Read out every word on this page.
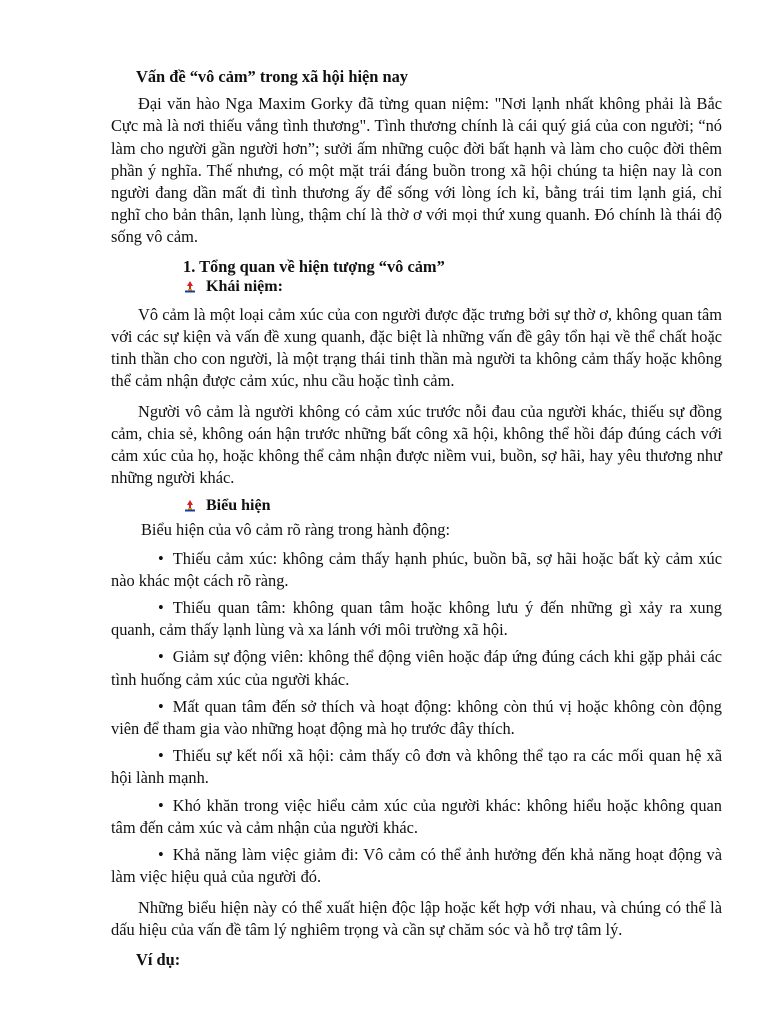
Vấn đề “vô cảm” trong xã hội hiện nay

Đại văn hào Nga Maxim Gorky đã từng quan niệm: "Nơi lạnh nhất không phải là Bắc Cực mà là nơi thiếu vắng tình thương". Tình thương chính là cái quý giá của con người; “nó làm cho người gần người hơn”; sưởi ấm những cuộc đời bất hạnh và làm cho cuộc đời thêm phần ý nghĩa. Thế nhưng, có một mặt trái đáng buồn trong xã hội chúng ta hiện nay là con người đang dần mất đi tình thương ấy để sống với lòng ích kỉ, bằng trái tim lạnh giá, chỉ nghĩ cho bản thân, lạnh lùng, thậm chí là thờ ơ với mọi thứ xung quanh. Đó chính là thái độ sống vô cảm.

1. Tổng quan về hiện tượng “vô cảm”

Khái niệm:

Vô cảm là một loại cảm xúc của con người được đặc trưng bởi sự thờ ơ, không quan tâm với các sự kiện và vấn đề xung quanh, đặc biệt là những vấn đề gây tổn hại về thể chất hoặc tinh thần cho con người, là một trạng thái tinh thần mà người ta không cảm thấy hoặc không thể cảm nhận được cảm xúc, nhu cầu hoặc tình cảm.

Người vô cảm là người không có cảm xúc trước nỗi đau của người khác, thiếu sự đồng cảm, chia sẻ, không oán hận trước những bất công xã hội, không thể hồi đáp đúng cách với cảm xúc của họ, hoặc không thể cảm nhận được niềm vui, buồn, sợ hãi, hay yêu thương như những người khác.

Biểu hiện

Biểu hiện của vô cảm rõ ràng trong hành động:

• Thiếu cảm xúc: không cảm thấy hạnh phúc, buồn bã, sợ hãi hoặc bất kỳ cảm xúc nào khác một cách rõ ràng.

• Thiếu quan tâm: không quan tâm hoặc không lưu ý đến những gì xảy ra xung quanh, cảm thấy lạnh lùng và xa lánh với môi trường xã hội.

• Giảm sự động viên: không thể động viên hoặc đáp ứng đúng cách khi gặp phải các tình huống cảm xúc của người khác.

• Mất quan tâm đến sở thích và hoạt động: không còn thú vị hoặc không còn động viên để tham gia vào những hoạt động mà họ trước đây thích.

• Thiếu sự kết nối xã hội: cảm thấy cô đơn và không thể tạo ra các mối quan hệ xã hội lành mạnh.

• Khó khăn trong việc hiểu cảm xúc của người khác: không hiểu hoặc không quan tâm đến cảm xúc và cảm nhận của người khác.

• Khả năng làm việc giảm đi: Vô cảm có thể ảnh hưởng đến khả năng hoạt động và làm việc hiệu quả của người đó.

Những biểu hiện này có thể xuất hiện độc lập hoặc kết hợp với nhau, và chúng có thể là dấu hiệu của vấn đề tâm lý nghiêm trọng và cần sự chăm sóc và hỗ trợ tâm lý.

Ví dụ:
